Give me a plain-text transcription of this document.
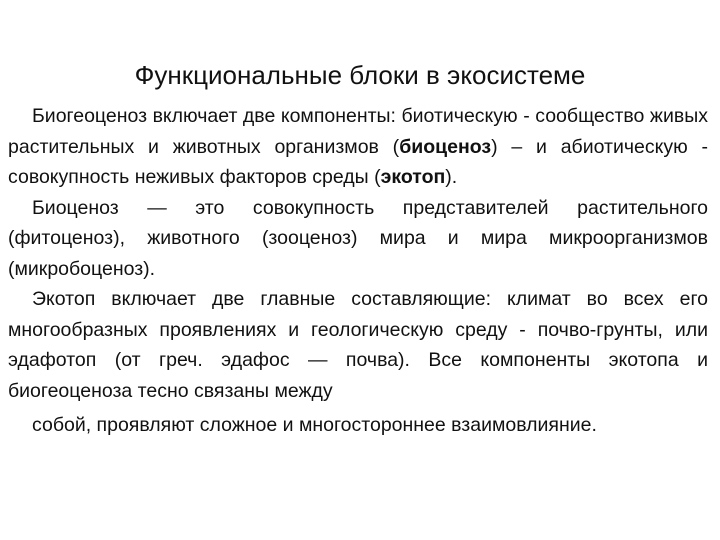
Функциональные блоки в экосистеме

Биогеоценоз включает две компоненты: биотическую - сообщество живых растительных и животных организмов (биоценоз) – и абиотическую - совокупность неживых факторов среды (экотоп).

Биоценоз — это совокупность представителей растительного (фитоценоз), животного (зооценоз) мира и мира микроорганизмов (микробоценоз).

Экотоп включает две главные составляющие: климат во всех его многообразных проявлениях и геологическую среду - почво-грунты, или эдафотоп (от греч. эдафос — почва). Все компоненты экотопа и биогеоценоза тесно связаны между
собой, проявляют сложное и многостороннее взаимовлияние.
